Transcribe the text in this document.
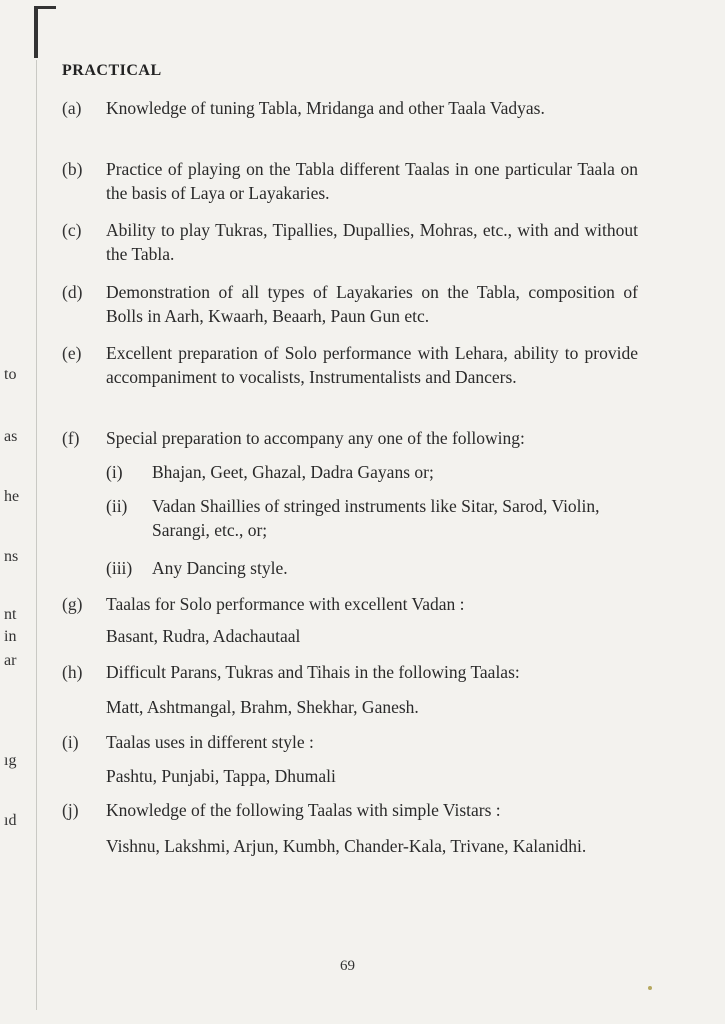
to
as
he
ns
nt
in
ar
ıg
ıd
PRACTICAL
(a)	Knowledge of tuning Tabla, Mridanga and other Taala Vadyas.
(b)	Practice of playing on the Tabla different Taalas in one particular Taala on the basis of Laya or Layakaries.
(c)	Ability to play Tukras, Tipallies, Dupallies, Mohras, etc., with and without the Tabla.
(d)	Demonstration of all types of Layakaries on the Tabla, composition of Bolls in Aarh, Kwaarh, Beaarh, Paun Gun etc.
(e)	Excellent preparation of Solo performance with Lehara, ability to provide accompaniment to vocalists, Instrumentalists and Dancers.
(f)	Special preparation to accompany any one of the following:
(i)	Bhajan, Geet, Ghazal, Dadra Gayans or;
(ii)	Vadan Shaillies of stringed instruments like Sitar, Sarod, Violin, Sarangi, etc., or;
(iii)	Any Dancing style.
(g)	Taalas for Solo performance with excellent Vadan :
Basant, Rudra, Adachautaal
(h)	Difficult Parans, Tukras and Tihais in the following Taalas:
Matt, Ashtmangal, Brahm, Shekhar, Ganesh.
(i)	Taalas uses in different style :
Pashtu, Punjabi, Tappa, Dhumali
(j)	Knowledge of the following Taalas with simple Vistars :
Vishnu, Lakshmi, Arjun, Kumbh, Chander-Kala, Trivane, Kalanidhi.
69
